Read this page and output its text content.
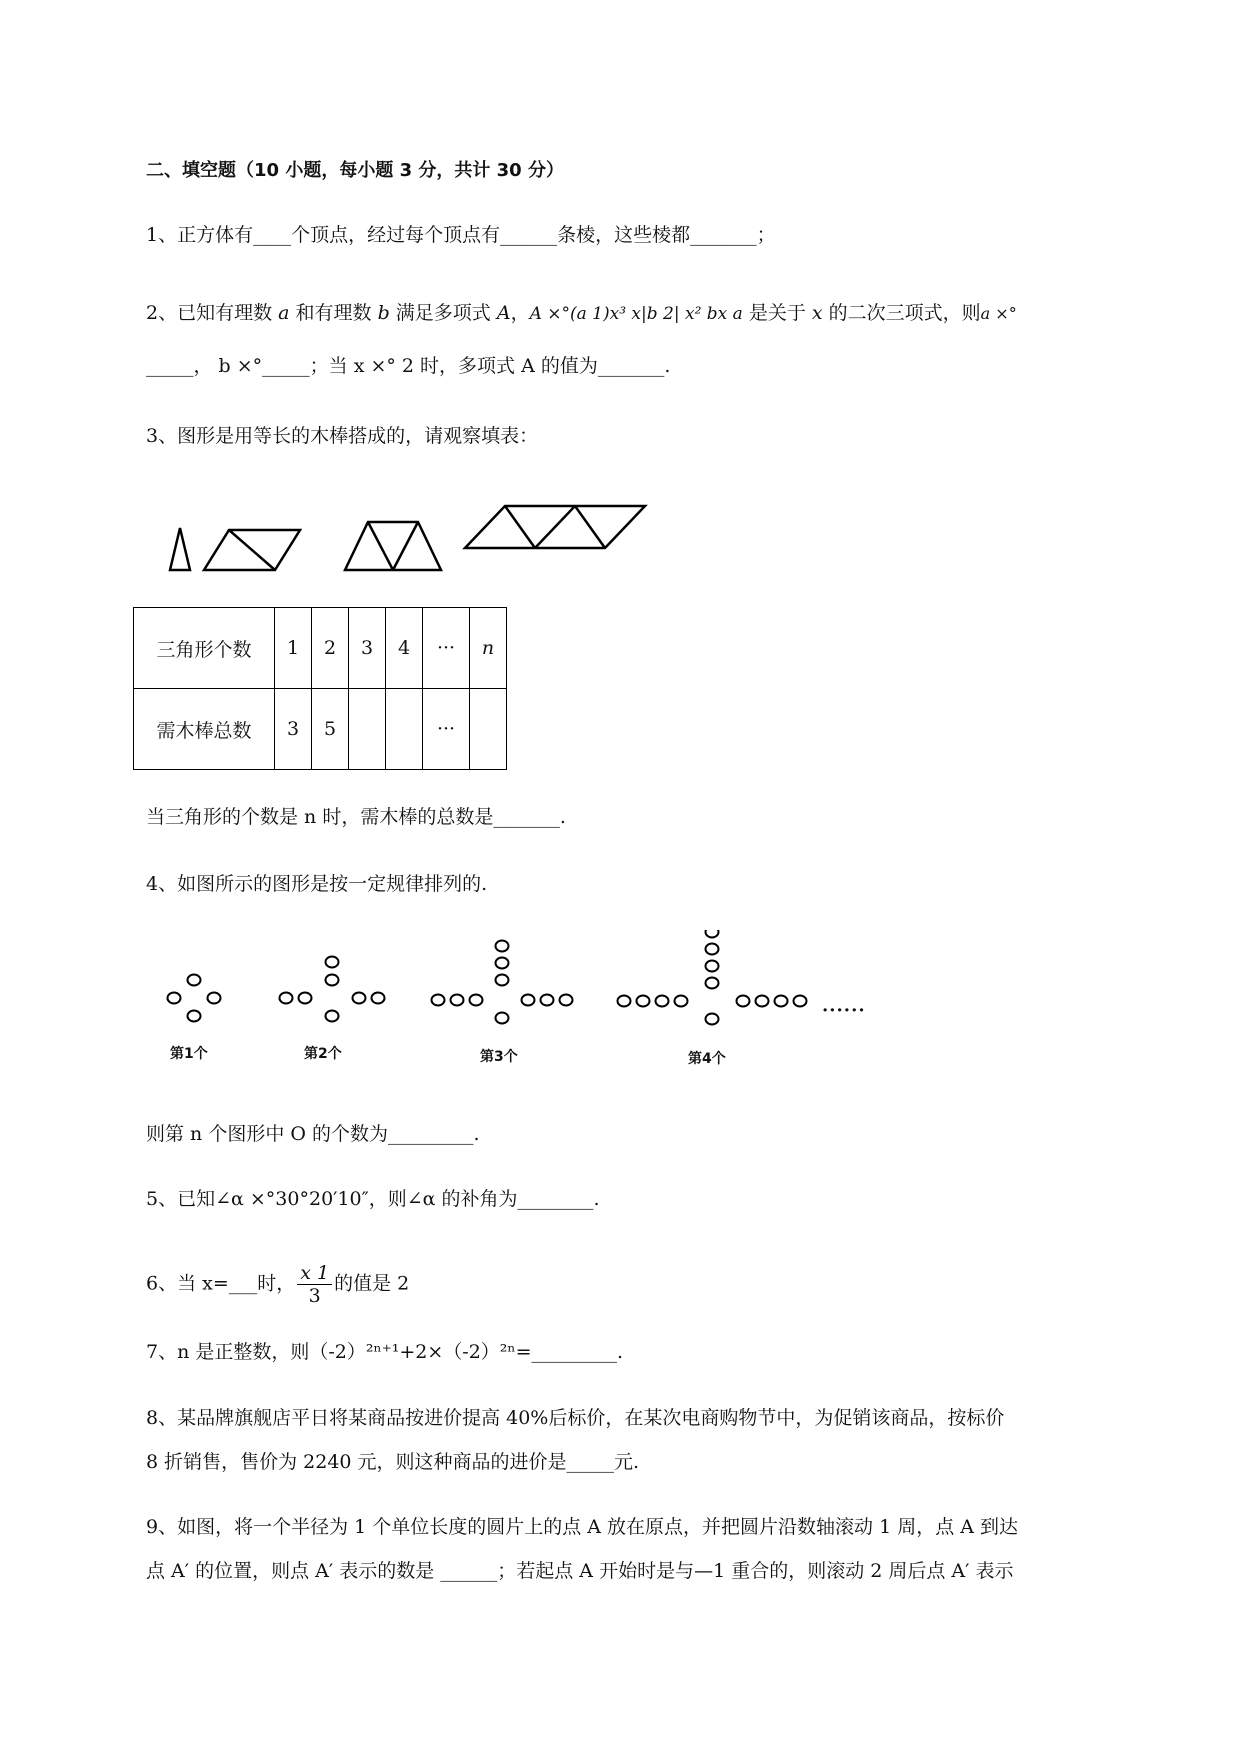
二、填空题（10 小题，每小题 3 分，共计 30 分）
1、正方体有____个顶点，经过每个顶点有______条棱，这些棱都_______；
2、已知有理数 a 和有理数 b 满足多项式 A，A ×°(a 1)x³ x|b 2| x² bx a 是关于 x 的二次三项式，则a ×°
_____， b ×°_____；当 x ×° 2 时，多项式 A 的值为_______.
3、图形是用等长的木棒搭成的，请观察填表：
三角形个数	1	2	3	4	···	n
需木棒总数	3	5			···	
当三角形的个数是 n 时，需木棒的总数是_______.
4、如图所示的图形是按一定规律排列的.
第1个	第2个	第3个	第4个
······
则第 n 个图形中 O 的个数为_________.
5、已知∠α ×°30°20′10″，则∠α 的补角为________.
6、当 x=___时， $\frac{x 1}{3}$ 的值是 2
7、n 是正整数，则（-2）²ⁿ⁺¹+2×（-2）²ⁿ=_________.
8、某品牌旗舰店平日将某商品按进价提高 40%后标价，在某次电商购物节中，为促销该商品，按标价
8 折销售，售价为 2240 元，则这种商品的进价是_____元.
9、如图，将一个半径为 1 个单位长度的圆片上的点 A 放在原点，并把圆片沿数轴滚动 1 周，点 A 到达
点 A′ 的位置，则点 A′ 表示的数是 ______；若起点 A 开始时是与—1 重合的，则滚动 2 周后点 A′ 表示
